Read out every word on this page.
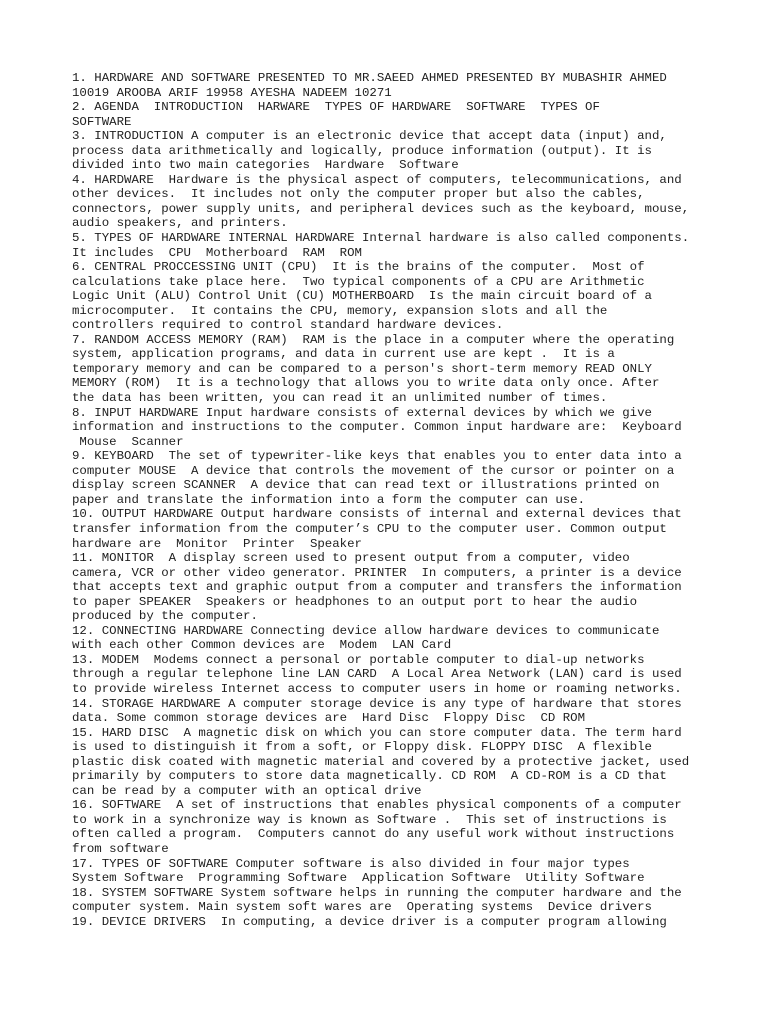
1. HARDWARE AND SOFTWARE PRESENTED TO MR.SAEED AHMED PRESENTED BY MUBASHIR AHMED
10019 AROOBA ARIF 19958 AYESHA NADEEM 10271
2. AGENDA  INTRODUCTION  HARWARE  TYPES OF HARDWARE  SOFTWARE  TYPES OF
SOFTWARE
3. INTRODUCTION A computer is an electronic device that accept data (input) and,
process data arithmetically and logically, produce information (output). It is
divided into two main categories  Hardware  Software
4. HARDWARE  Hardware is the physical aspect of computers, telecommunications, and
other devices.  It includes not only the computer proper but also the cables,
connectors, power supply units, and peripheral devices such as the keyboard, mouse,
audio speakers, and printers.
5. TYPES OF HARDWARE INTERNAL HARDWARE Internal hardware is also called components.
It includes  CPU  Motherboard  RAM  ROM
6. CENTRAL PROCCESSING UNIT (CPU)  It is the brains of the computer.  Most of
calculations take place here.  Two typical components of a CPU are Arithmetic
Logic Unit (ALU) Control Unit (CU) MOTHERBOARD  Is the main circuit board of a
microcomputer.  It contains the CPU, memory, expansion slots and all the
controllers required to control standard hardware devices.
7. RANDOM ACCESS MEMORY (RAM)  RAM is the place in a computer where the operating
system, application programs, and data in current use are kept .  It is a
temporary memory and can be compared to a person's short-term memory READ ONLY
MEMORY (ROM)  It is a technology that allows you to write data only once. After
the data has been written, you can read it an unlimited number of times.
8. INPUT HARDWARE Input hardware consists of external devices by which we give
information and instructions to the computer. Common input hardware are:  Keyboard
Mouse  Scanner
9. KEYBOARD  The set of typewriter-like keys that enables you to enter data into a
computer MOUSE  A device that controls the movement of the cursor or pointer on a
display screen SCANNER  A device that can read text or illustrations printed on
paper and translate the information into a form the computer can use.
10. OUTPUT HARDWARE Output hardware consists of internal and external devices that
transfer information from the computer’s CPU to the computer user. Common output
hardware are  Monitor  Printer  Speaker
11. MONITOR  A display screen used to present output from a computer, video
camera, VCR or other video generator. PRINTER  In computers, a printer is a device
that accepts text and graphic output from a computer and transfers the information
to paper SPEAKER  Speakers or headphones to an output port to hear the audio
produced by the computer.
12. CONNECTING HARDWARE Connecting device allow hardware devices to communicate
with each other Common devices are  Modem  LAN Card
13. MODEM  Modems connect a personal or portable computer to dial-up networks
through a regular telephone line LAN CARD  A Local Area Network (LAN) card is used
to provide wireless Internet access to computer users in home or roaming networks.
14. STORAGE HARDWARE A computer storage device is any type of hardware that stores
data. Some common storage devices are  Hard Disc  Floppy Disc  CD ROM
15. HARD DISC  A magnetic disk on which you can store computer data. The term hard
is used to distinguish it from a soft, or Floppy disk. FLOPPY DISC  A flexible
plastic disk coated with magnetic material and covered by a protective jacket, used
primarily by computers to store data magnetically. CD ROM  A CD-ROM is a CD that
can be read by a computer with an optical drive
16. SOFTWARE  A set of instructions that enables physical components of a computer
to work in a synchronize way is known as Software .  This set of instructions is
often called a program.  Computers cannot do any useful work without instructions
from software
17. TYPES OF SOFTWARE Computer software is also divided in four major types
System Software  Programming Software  Application Software  Utility Software
18. SYSTEM SOFTWARE System software helps in running the computer hardware and the
computer system. Main system soft wares are  Operating systems  Device drivers
19. DEVICE DRIVERS  In computing, a device driver is a computer program allowing
